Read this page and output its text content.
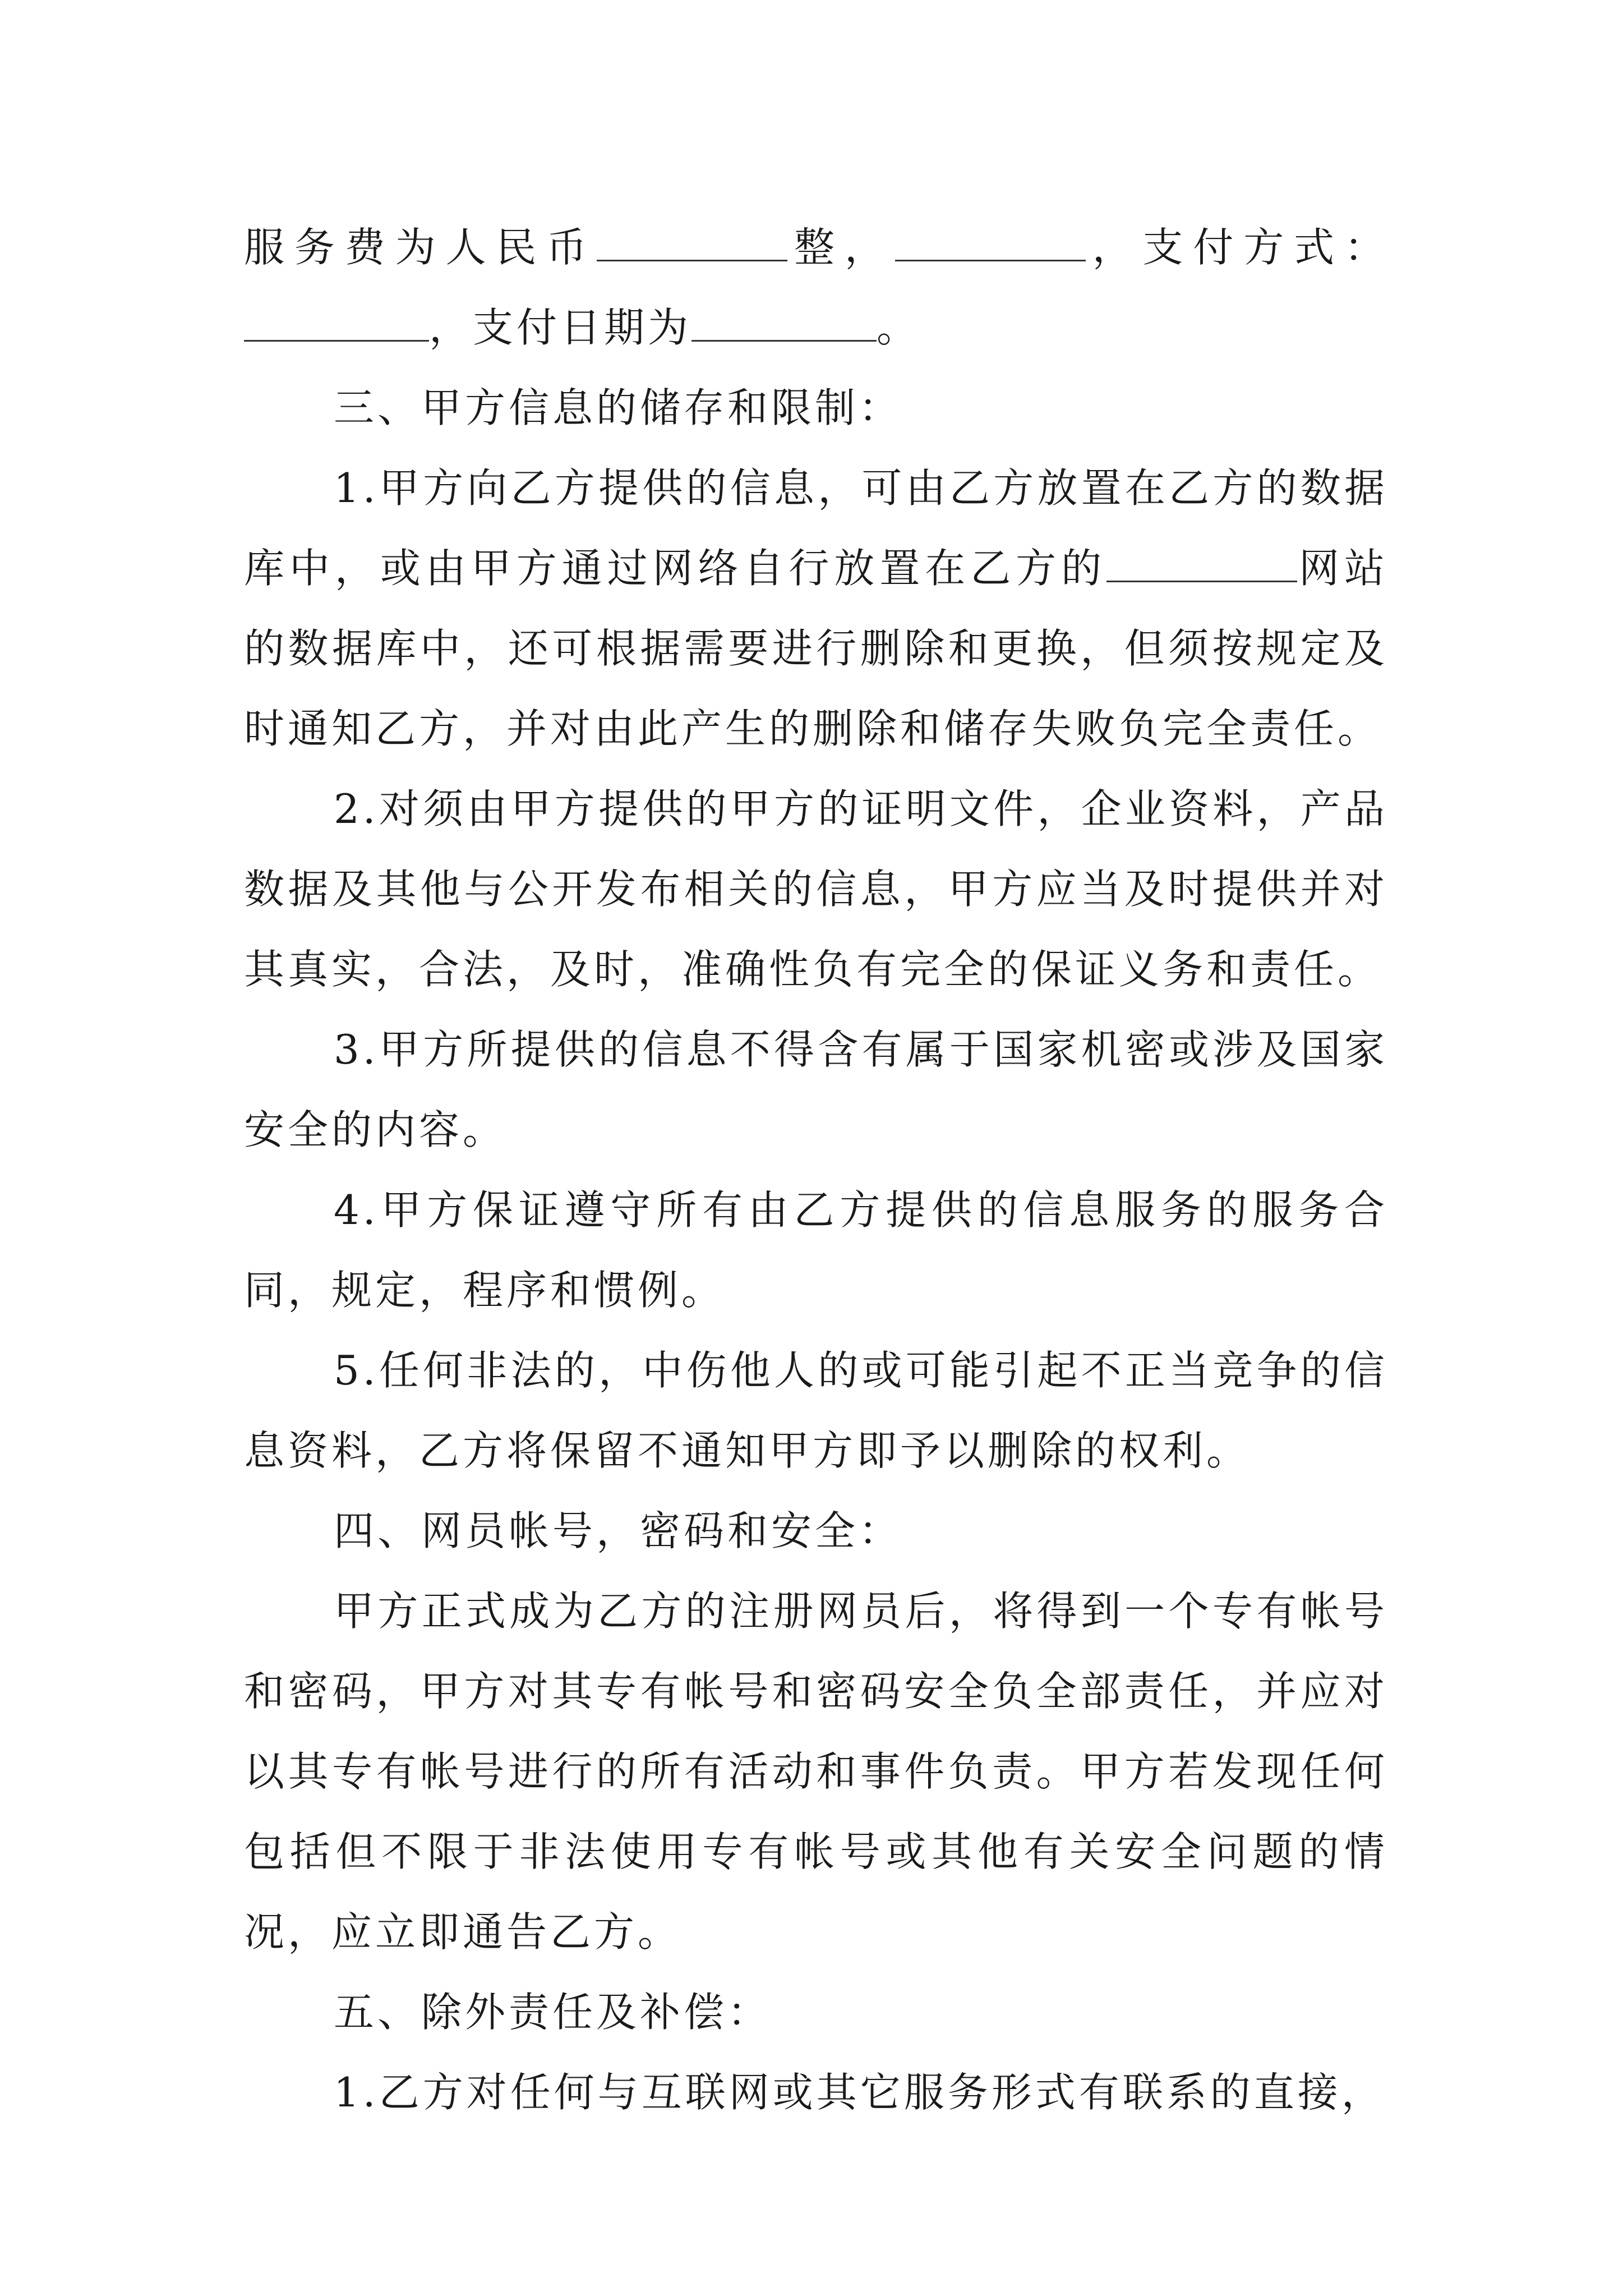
服务费为人民币	整，	，支付方式：，支付日期为	。

三、甲方信息的储存和限制：

1.甲方向乙方提供的信息，可由乙方放置在乙方的数据库中，或由甲方通过网络自行放置在乙方的	网站的数据库中，还可根据需要进行删除和更换，但须按规定及时通知乙方，并对由此产生的删除和储存失败负完全责任。

2.对须由甲方提供的甲方的证明文件，企业资料，产品数据及其他与公开发布相关的信息，甲方应当及时提供并对其真实，合法，及时，准确性负有完全的保证义务和责任。

3.甲方所提供的信息不得含有属于国家机密或涉及国家安全的内容。

4.甲方保证遵守所有由乙方提供的信息服务的服务合同，规定，程序和惯例。

5.任何非法的，中伤他人的或可能引起不正当竞争的信息资料，乙方将保留不通知甲方即予以删除的权利。

四、网员帐号，密码和安全：

甲方正式成为乙方的注册网员后，将得到一个专有帐号和密码，甲方对其专有帐号和密码安全负全部责任，并应对以其专有帐号进行的所有活动和事件负责。甲方若发现任何包括但不限于非法使用专有帐号或其他有关安全问题的情况，应立即通告乙方。

五、除外责任及补偿：

1.乙方对任何与互联网或其它服务形式有联系的直接，
